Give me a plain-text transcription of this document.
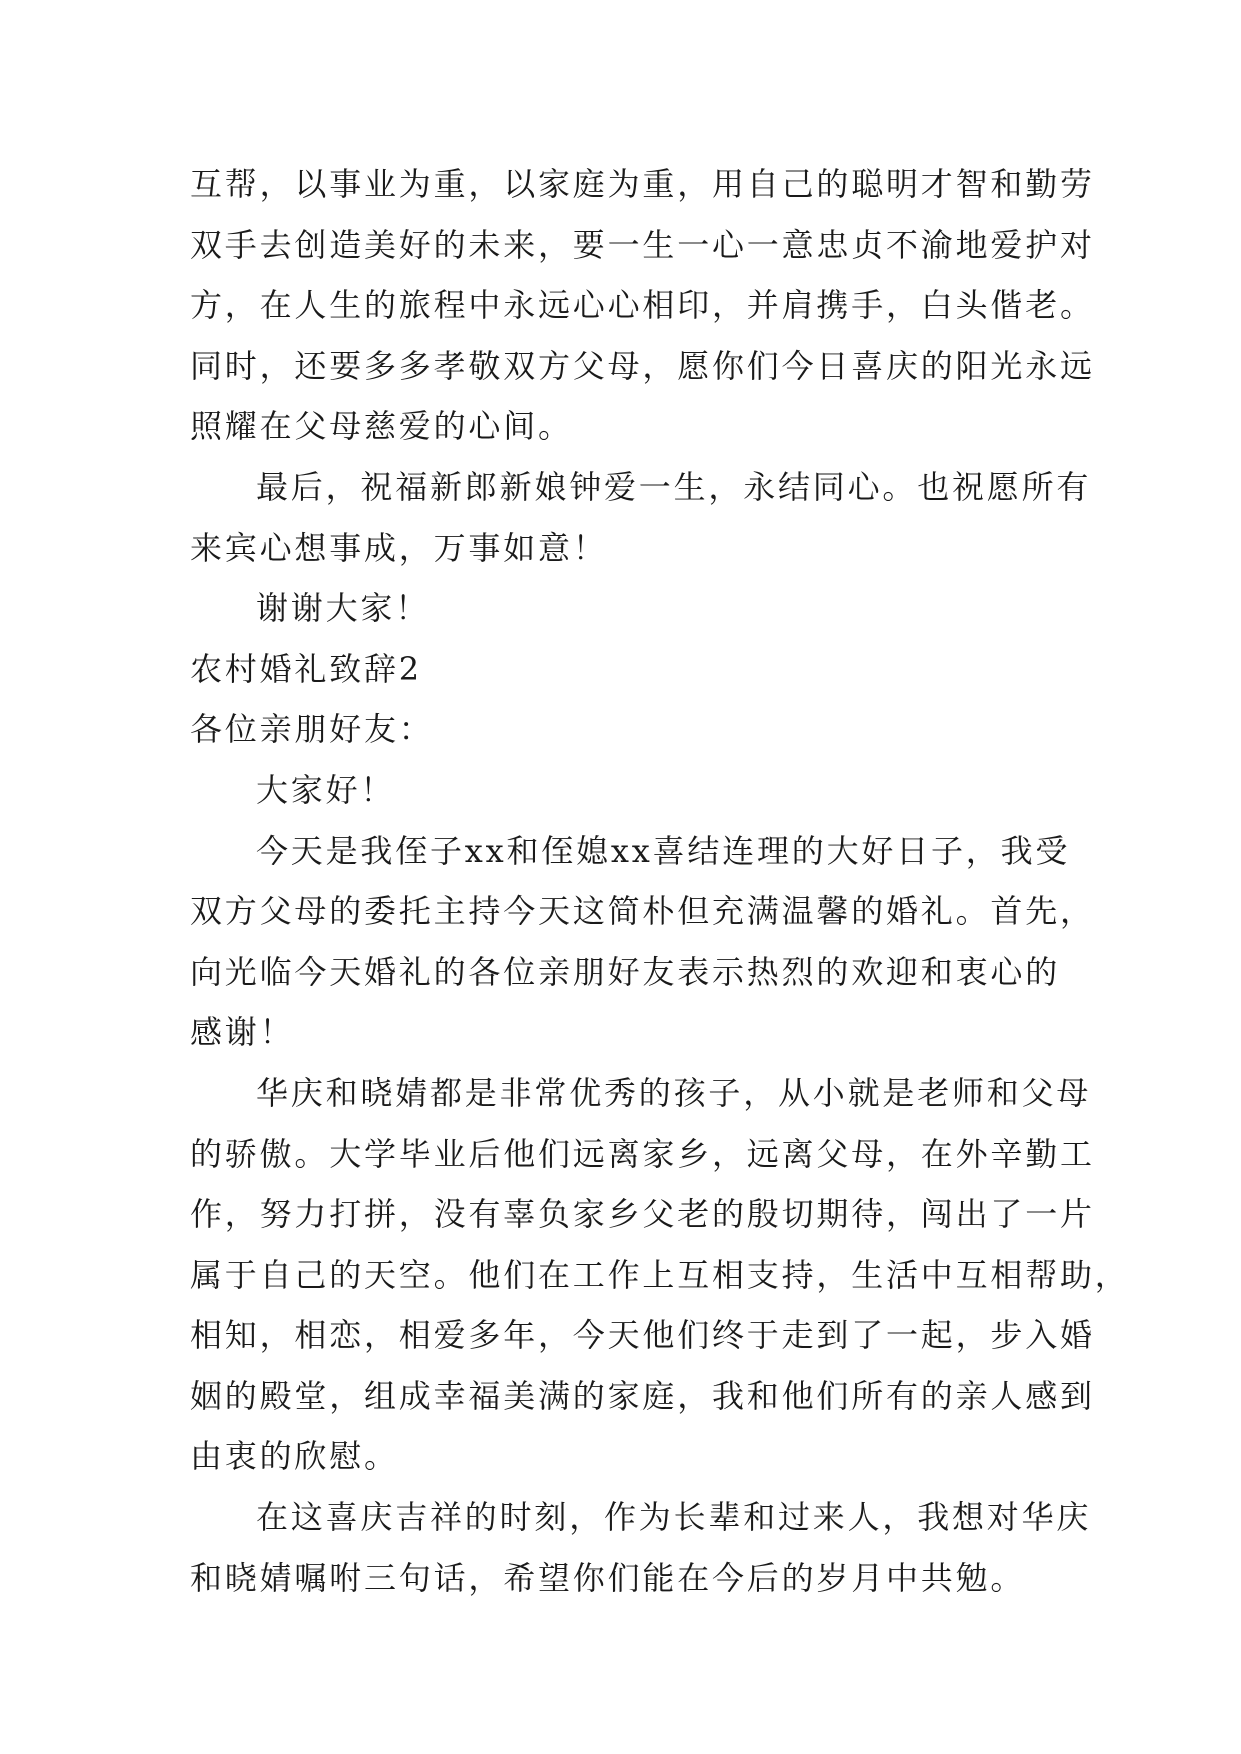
互帮，以事业为重，以家庭为重，用自己的聪明才智和勤劳
双手去创造美好的未来，要一生一心一意忠贞不渝地爱护对
方，在人生的旅程中永远心心相印，并肩携手，白头偕老。
同时，还要多多孝敬双方父母，愿你们今日喜庆的阳光永远
照耀在父母慈爱的心间。
最后，祝福新郎新娘钟爱一生，永结同心。也祝愿所有
来宾心想事成，万事如意！
谢谢大家！
农村婚礼致辞2
各位亲朋好友：
大家好！
今天是我侄子xx和侄媳xx喜结连理的大好日子，我受
双方父母的委托主持今天这简朴但充满温馨的婚礼。首先，
向光临今天婚礼的各位亲朋好友表示热烈的欢迎和衷心的
感谢！
华庆和晓婧都是非常优秀的孩子，从小就是老师和父母
的骄傲。大学毕业后他们远离家乡，远离父母，在外辛勤工
作，努力打拼，没有辜负家乡父老的殷切期待，闯出了一片
属于自己的天空。他们在工作上互相支持，生活中互相帮助，
相知，相恋，相爱多年，今天他们终于走到了一起，步入婚
姻的殿堂，组成幸福美满的家庭，我和他们所有的亲人感到
由衷的欣慰。
在这喜庆吉祥的时刻，作为长辈和过来人，我想对华庆
和晓婧嘱咐三句话，希望你们能在今后的岁月中共勉。
